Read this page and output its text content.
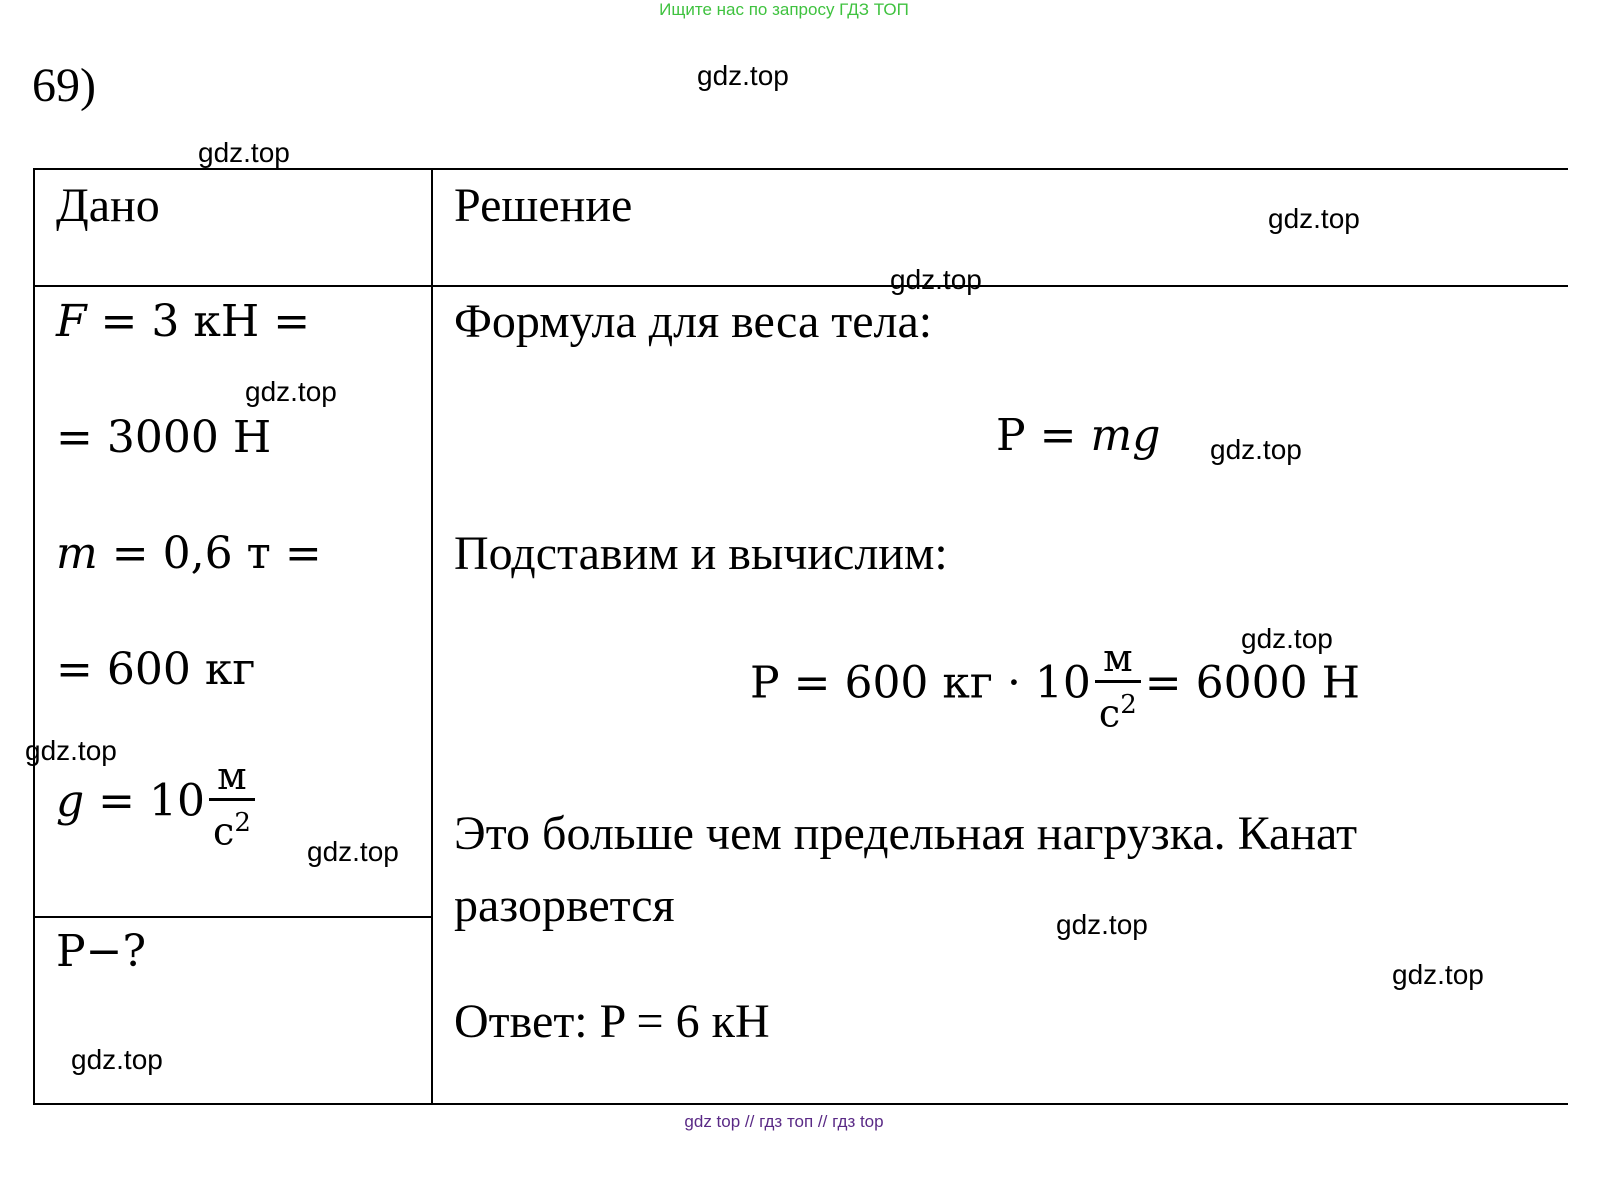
Ищите нас по запросу ГДЗ ТОП
69)
Дано	Решение
F = 3 кН =
= 3000 Н
m = 0,6 т =
= 600 кг
$g = 10 \frac{м}{с^2}$
P−?
Формула для веса тела:
P = mg
Подставим и вычислим:
P = 600 кг · $10 \frac{м}{с^2} = 6000$ Н
Это больше чем предельная нагрузка. Канат
разорвется
Ответ: P = 6 кН
gdz.top
gdz.top
gdz.top
gdz.top
gdz.top
gdz.top
gdz.top
gdz.top
gdz.top
gdz.top
gdz.top
gdz.top
gdz top // гдз топ // гдз top
